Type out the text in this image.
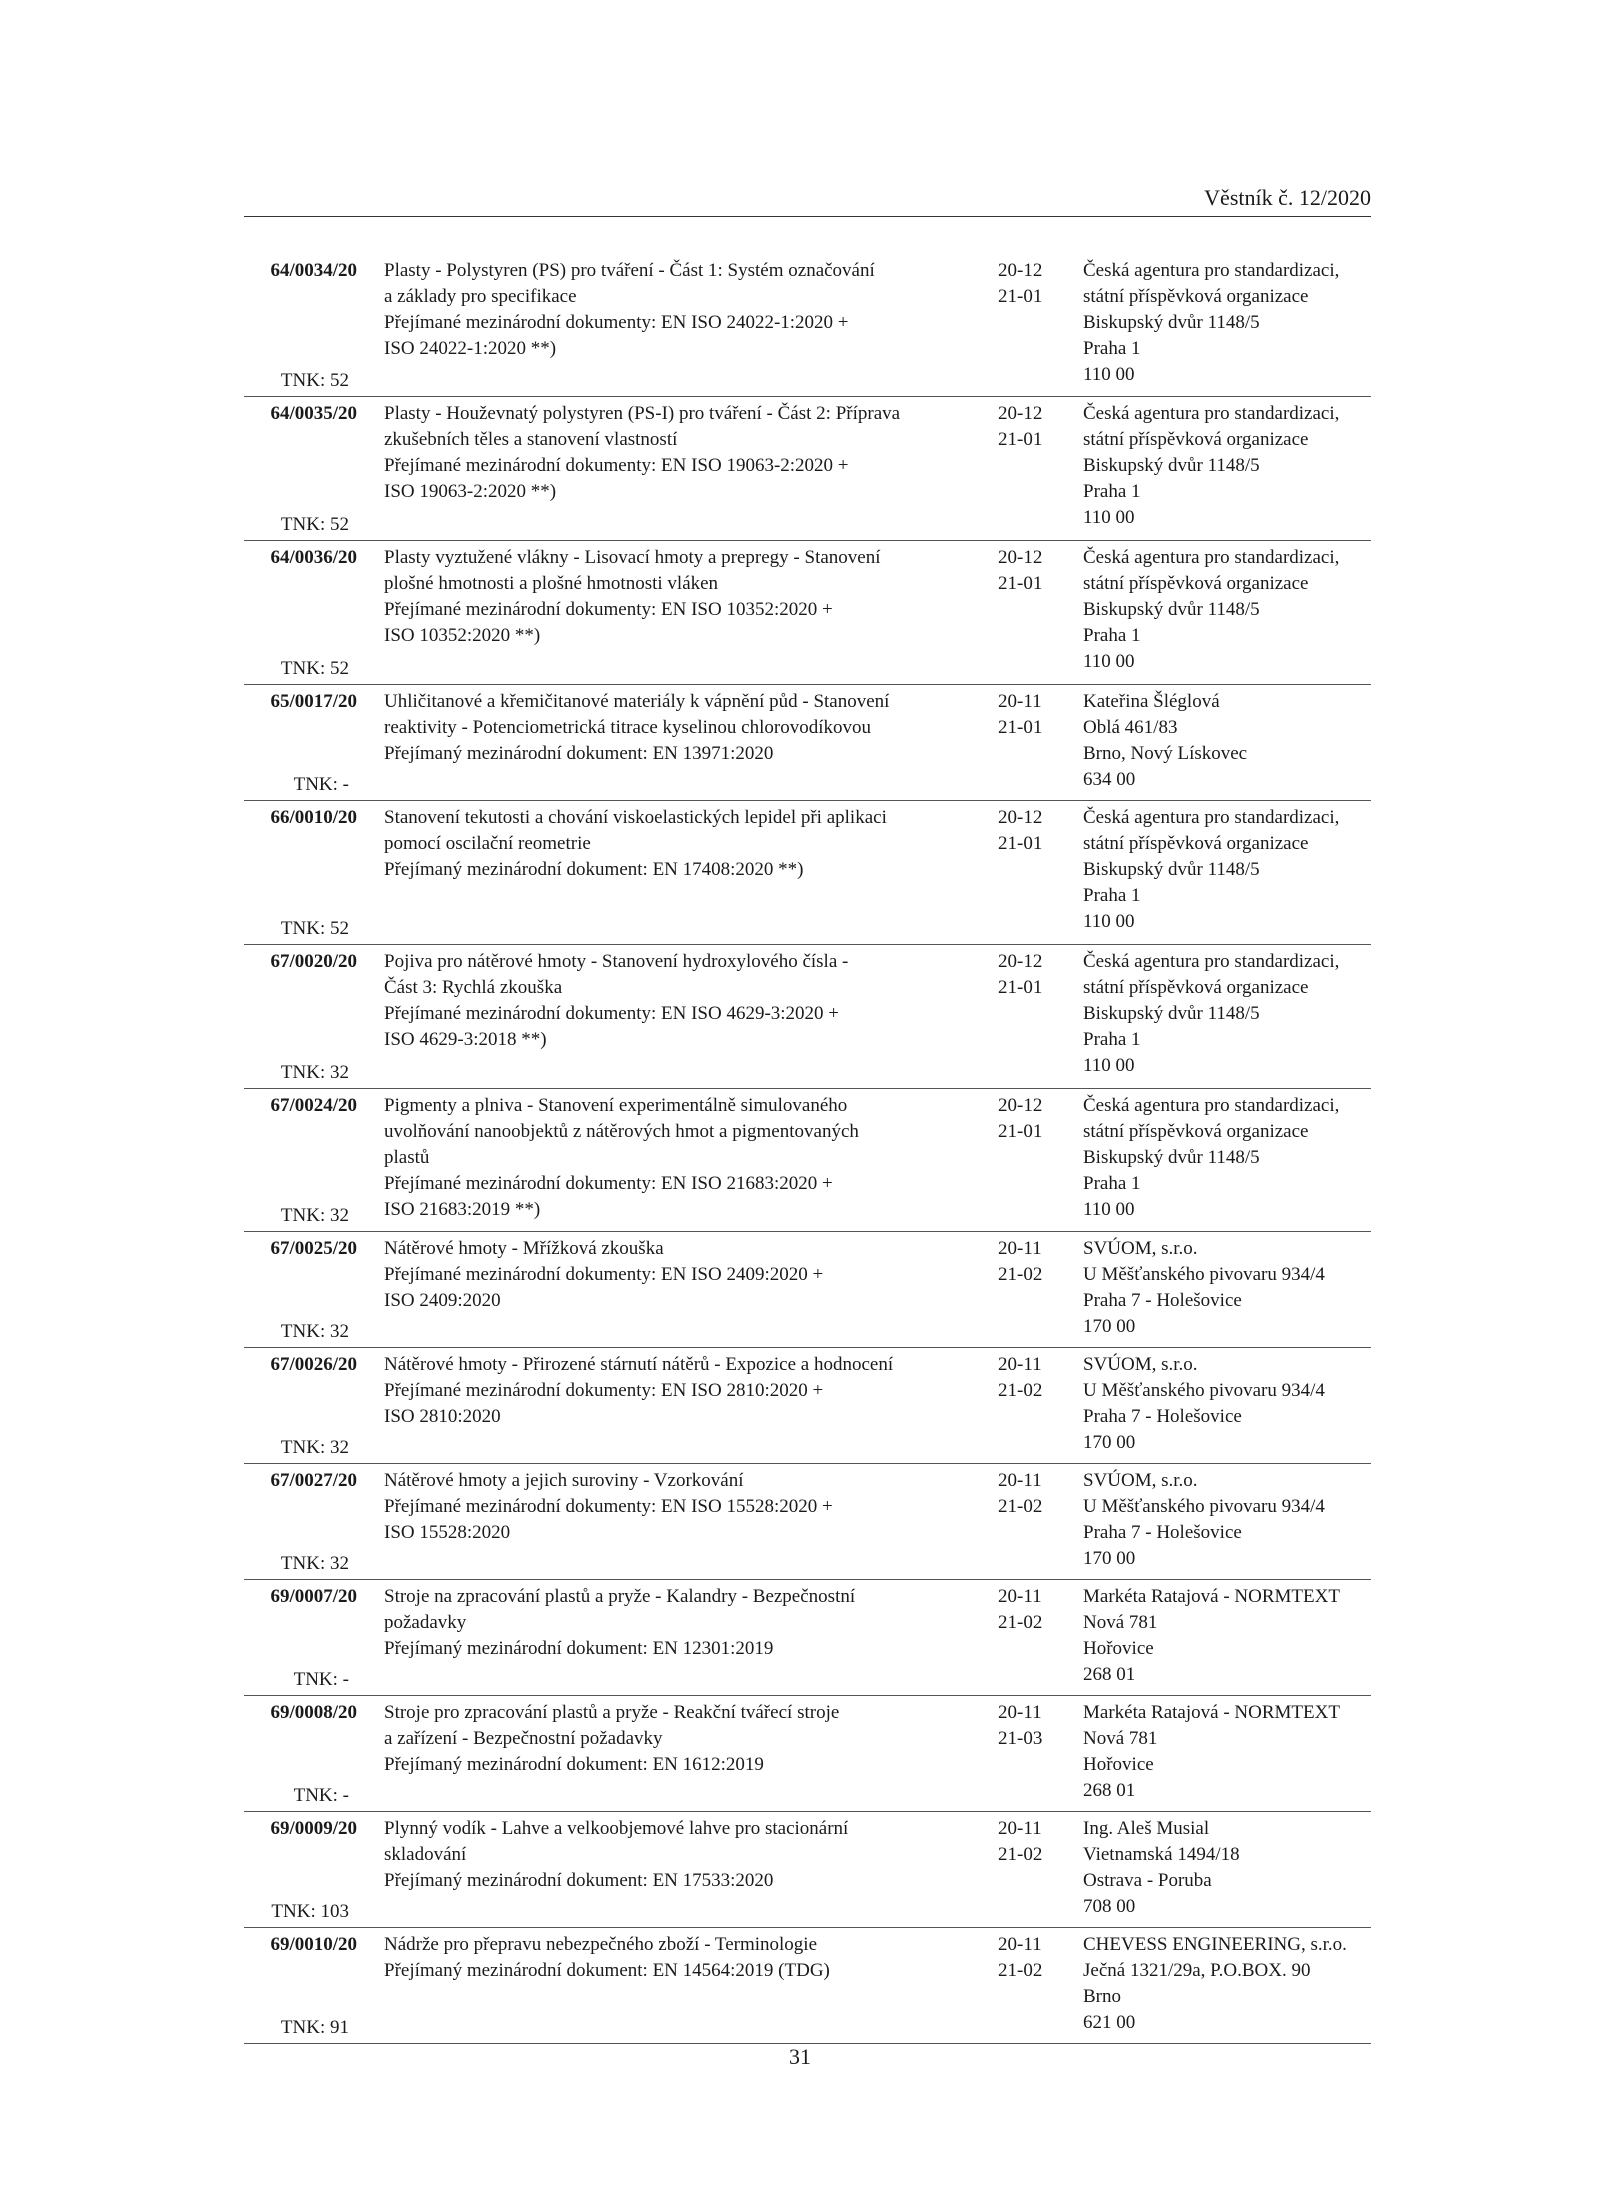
Věstník č. 12/2020
64/0034/20
TNK: 52
Plasty - Polystyren (PS) pro tváření - Část 1: Systém označování
a základy pro specifikace
Přejímané mezinárodní dokumenty: EN ISO 24022-1:2020 +
ISO 24022-1:2020 **)
20-12
21-01
Česká agentura pro standardizaci,
státní příspěvková organizace
Biskupský dvůr 1148/5
Praha 1
110 00
64/0035/20
TNK: 52
Plasty - Houževnatý polystyren (PS-I) pro tváření - Část 2: Příprava
zkušebních těles a stanovení vlastností
Přejímané mezinárodní dokumenty: EN ISO 19063-2:2020 +
ISO 19063-2:2020 **)
20-12
21-01
Česká agentura pro standardizaci,
státní příspěvková organizace
Biskupský dvůr 1148/5
Praha 1
110 00
64/0036/20
TNK: 52
Plasty vyztužené vlákny - Lisovací hmoty a prepregy - Stanovení
plošné hmotnosti a plošné hmotnosti vláken
Přejímané mezinárodní dokumenty: EN ISO 10352:2020 +
ISO 10352:2020 **)
20-12
21-01
Česká agentura pro standardizaci,
státní příspěvková organizace
Biskupský dvůr 1148/5
Praha 1
110 00
65/0017/20
TNK: -
Uhličitanové a křemičitanové materiály k vápnění půd - Stanovení
reaktivity - Potenciometrická titrace kyselinou chlorovodíkovou
Přejímaný mezinárodní dokument: EN 13971:2020
20-11
21-01
Kateřina Šléglová
Oblá 461/83
Brno, Nový Lískovec
634 00
66/0010/20
TNK: 52
Stanovení tekutosti a chování viskoelastických lepidel při aplikaci
pomocí oscilační reometrie
Přejímaný mezinárodní dokument: EN 17408:2020 **)
20-12
21-01
Česká agentura pro standardizaci,
státní příspěvková organizace
Biskupský dvůr 1148/5
Praha 1
110 00
67/0020/20
TNK: 32
Pojiva pro nátěrové hmoty - Stanovení hydroxylového čísla -
Část 3: Rychlá zkouška
Přejímané mezinárodní dokumenty: EN ISO 4629-3:2020 +
ISO 4629-3:2018 **)
20-12
21-01
Česká agentura pro standardizaci,
státní příspěvková organizace
Biskupský dvůr 1148/5
Praha 1
110 00
67/0024/20
TNK: 32
Pigmenty a plniva - Stanovení experimentálně simulovaného
uvolňování nanoobjektů z nátěrových hmot a pigmentovaných
plastů
Přejímané mezinárodní dokumenty: EN ISO 21683:2020 +
ISO 21683:2019 **)
20-12
21-01
Česká agentura pro standardizaci,
státní příspěvková organizace
Biskupský dvůr 1148/5
Praha 1
110 00
67/0025/20
TNK: 32
Nátěrové hmoty - Mřížková zkouška
Přejímané mezinárodní dokumenty: EN ISO 2409:2020 +
ISO 2409:2020
20-11
21-02
SVÚOM, s.r.o.
U Měšťanského pivovaru 934/4
Praha 7 - Holešovice
170 00
67/0026/20
TNK: 32
Nátěrové hmoty - Přirozené stárnutí nátěrů - Expozice a hodnocení
Přejímané mezinárodní dokumenty: EN ISO 2810:2020 +
ISO 2810:2020
20-11
21-02
SVÚOM, s.r.o.
U Měšťanského pivovaru 934/4
Praha 7 - Holešovice
170 00
67/0027/20
TNK: 32
Nátěrové hmoty a jejich suroviny - Vzorkování
Přejímané mezinárodní dokumenty: EN ISO 15528:2020 +
ISO 15528:2020
20-11
21-02
SVÚOM, s.r.o.
U Měšťanského pivovaru 934/4
Praha 7 - Holešovice
170 00
69/0007/20
TNK: -
Stroje na zpracování plastů a pryže - Kalandry - Bezpečnostní
požadavky
Přejímaný mezinárodní dokument: EN 12301:2019
20-11
21-02
Markéta Ratajová - NORMTEXT
Nová 781
Hořovice
268 01
69/0008/20
TNK: -
Stroje pro zpracování plastů a pryže - Reakční tvářecí stroje
a zařízení - Bezpečnostní požadavky
Přejímaný mezinárodní dokument: EN 1612:2019
20-11
21-03
Markéta Ratajová - NORMTEXT
Nová 781
Hořovice
268 01
69/0009/20
TNK: 103
Plynný vodík - Lahve a velkoobjemové lahve pro stacionární
skladování
Přejímaný mezinárodní dokument: EN 17533:2020
20-11
21-02
Ing. Aleš Musial
Vietnamská 1494/18
Ostrava - Poruba
708 00
69/0010/20
TNK: 91
Nádrže pro přepravu nebezpečného zboží - Terminologie
Přejímaný mezinárodní dokument: EN 14564:2019 (TDG)
20-11
21-02
CHEVESS ENGINEERING, s.r.o.
Ječná 1321/29a, P.O.BOX. 90
Brno
621 00
31
